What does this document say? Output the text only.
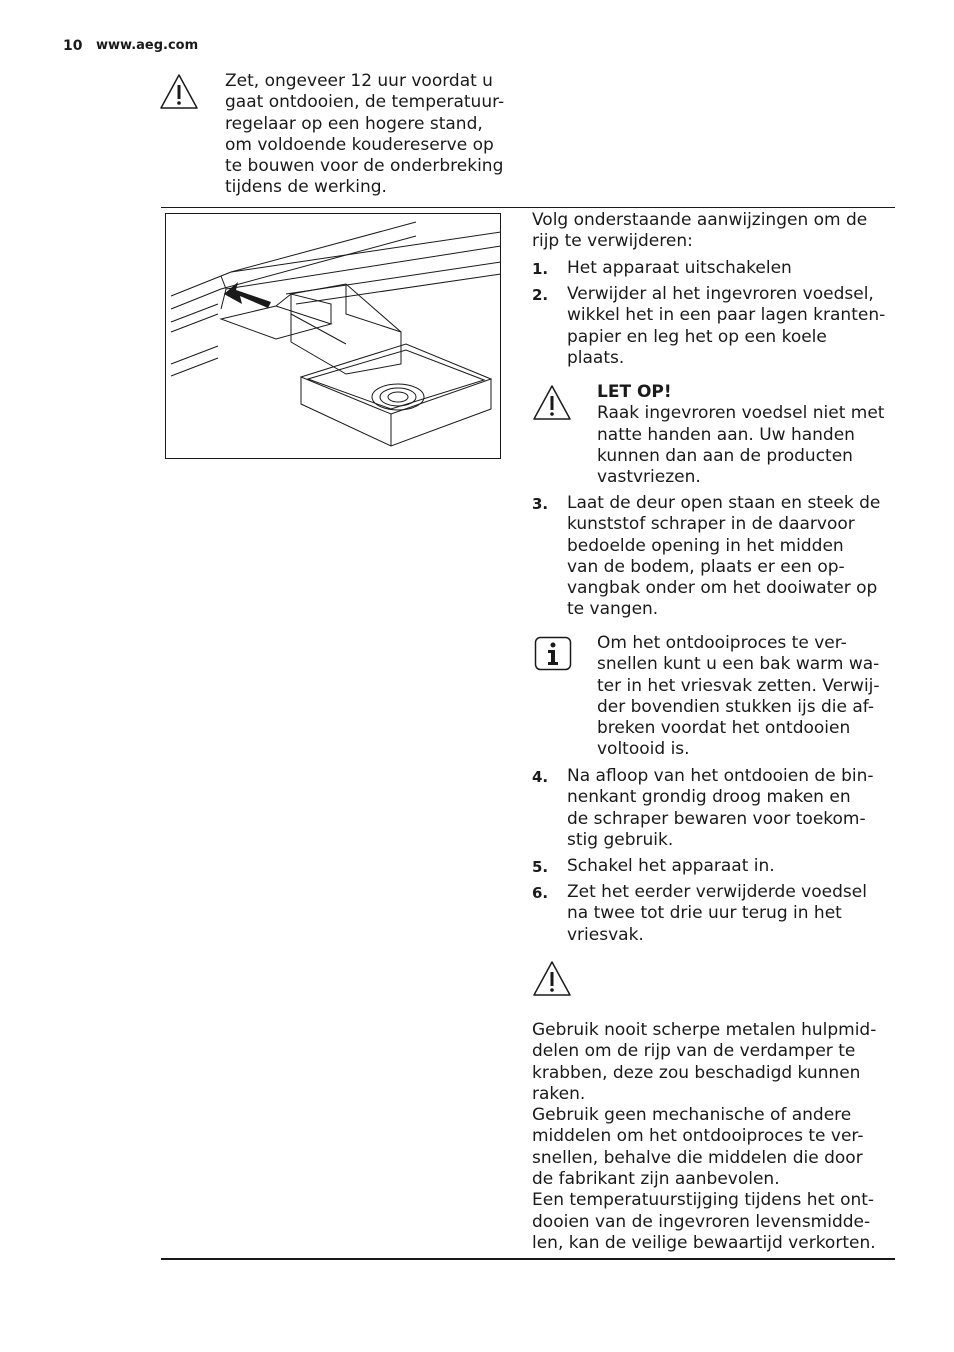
10 www.aeg.com
Zet, ongeveer 12 uur voordat u
gaat ontdooien, de temperatuur-
regelaar op een hogere stand,
om voldoende koudereserve op
te bouwen voor de onderbreking
tijdens de werking.
Volg onderstaande aanwijzingen om de
rijp te verwijderen:
1. Het apparaat uitschakelen
2. Verwijder al het ingevroren voedsel,
wikkel het in een paar lagen kranten-
papier en leg het op een koele
plaats.
LET OP!
Raak ingevroren voedsel niet met
natte handen aan. Uw handen
kunnen dan aan de producten
vastvriezen.
3. Laat de deur open staan en steek de
kunststof schraper in de daarvoor
bedoelde opening in het midden
van de bodem, plaats er een op-
vangbak onder om het dooiwater op
te vangen.
Om het ontdooiproces te ver-
snellen kunt u een bak warm wa-
ter in het vriesvak zetten. Verwij-
der bovendien stukken ijs die af-
breken voordat het ontdooien
voltooid is.
4. Na afloop van het ontdooien de bin-
nenkant grondig droog maken en
de schraper bewaren voor toekom-
stig gebruik.
5. Schakel het apparaat in.
6. Zet het eerder verwijderde voedsel
na twee tot drie uur terug in het
vriesvak.
Gebruik nooit scherpe metalen hulpmid-
delen om de rijp van de verdamper te
krabben, deze zou beschadigd kunnen
raken.
Gebruik geen mechanische of andere
middelen om het ontdooiproces te ver-
snellen, behalve die middelen die door
de fabrikant zijn aanbevolen.
Een temperatuurstijging tijdens het ont-
dooien van de ingevroren levensmidde-
len, kan de veilige bewaartijd verkorten.
